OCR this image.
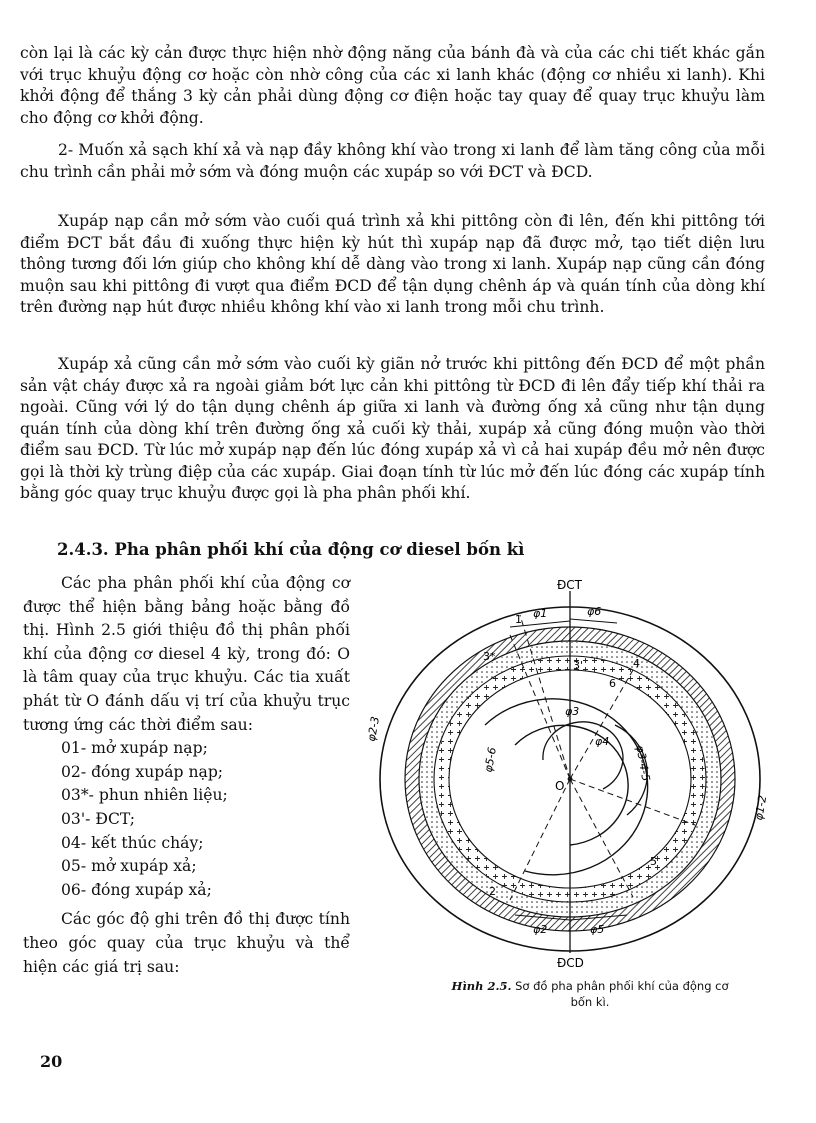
còn lại là các kỳ cản được thực hiện nhờ động năng của bánh đà và của các chi tiết khác gắn với trục khuỷu động cơ hoặc còn nhờ công của các xi lanh khác (động cơ nhiều xi lanh). Khi khởi động để thắng 3 kỳ cản phải dùng động cơ điện hoặc tay quay để quay trục khuỷu làm cho động cơ khởi động.

2- Muốn xả sạch khí xả và nạp đầy không khí vào trong xi lanh để làm tăng công của mỗi chu trình cần phải mở sớm và đóng muộn các xupáp so với ĐCT và ĐCD.

Xupáp nạp cần mở sớm vào cuối quá trình xả khi pittông còn đi lên, đến khi pittông tới điểm ĐCT bắt đầu đi xuống thực hiện kỳ hút thì xupáp nạp đã được mở, tạo tiết diện lưu thông tương đối lớn giúp cho không khí dễ dàng vào trong xi lanh. Xupáp nạp cũng cần đóng muộn sau khi pittông đi vượt qua điểm ĐCD để tận dụng chênh áp và quán tính của dòng khí trên đường nạp hút được nhiều không khí vào xi lanh trong mỗi chu trình.

Xupáp xả cũng cần mở sớm vào cuối kỳ giãn nở trước khi pittông đến ĐCD để một phần sản vật cháy được xả ra ngoài giảm bớt lực cản khi pittông từ ĐCD đi lên đẩy tiếp khí thải ra ngoài. Cũng với lý do tận dụng chênh áp giữa xi lanh và đường ống xả cũng như tận dụng quán tính của dòng khí trên đường ống xả cuối kỳ thải, xupáp xả cũng đóng muộn vào thời điểm sau ĐCD. Từ lúc mở xupáp nạp đến lúc đóng xupáp xả vì cả hai xupáp đều mở nên được gọi là thời kỳ trùng điệp của các xupáp. Giai đoạn tính từ lúc mở đến lúc đóng các xupáp tính bằng góc quay trục khuỷu được gọi là pha phân phối khí.

2.4.3. Pha phân phối khí của động cơ diesel bốn kì

Các pha phân phối khí của động cơ được thể hiện bằng bảng hoặc bằng đồ thị. Hình 2.5 giới thiệu đồ thị phân phối khí của động cơ diesel 4 kỳ, trong đó: O là tâm quay của trục khuỷu. Các tia xuất phát từ O đánh dấu vị trí của khuỷu trục tương ứng các thời điểm sau:

01- mở xupáp nạp;

02- đóng xupáp nạp;

03*- phun nhiên liệu;

03'- ĐCT;

04- kết thúc cháy;

05- mở xupáp xả;

06- đóng xupáp xả;

Các góc độ ghi trên đồ thị được tính theo góc quay của trục khuỷu và thể hiện các giá trị sau:

ĐCT
ĐCD
O
1
2
3*
3'	4
5
6
φ1	φ6
φ2	φ5
φ3
φ4
φ2-3
φ1-2
φ5-6	φ3-4-5
Hình 2.5. Sơ đồ pha phân phối khí của động cơ bốn kì.
20
